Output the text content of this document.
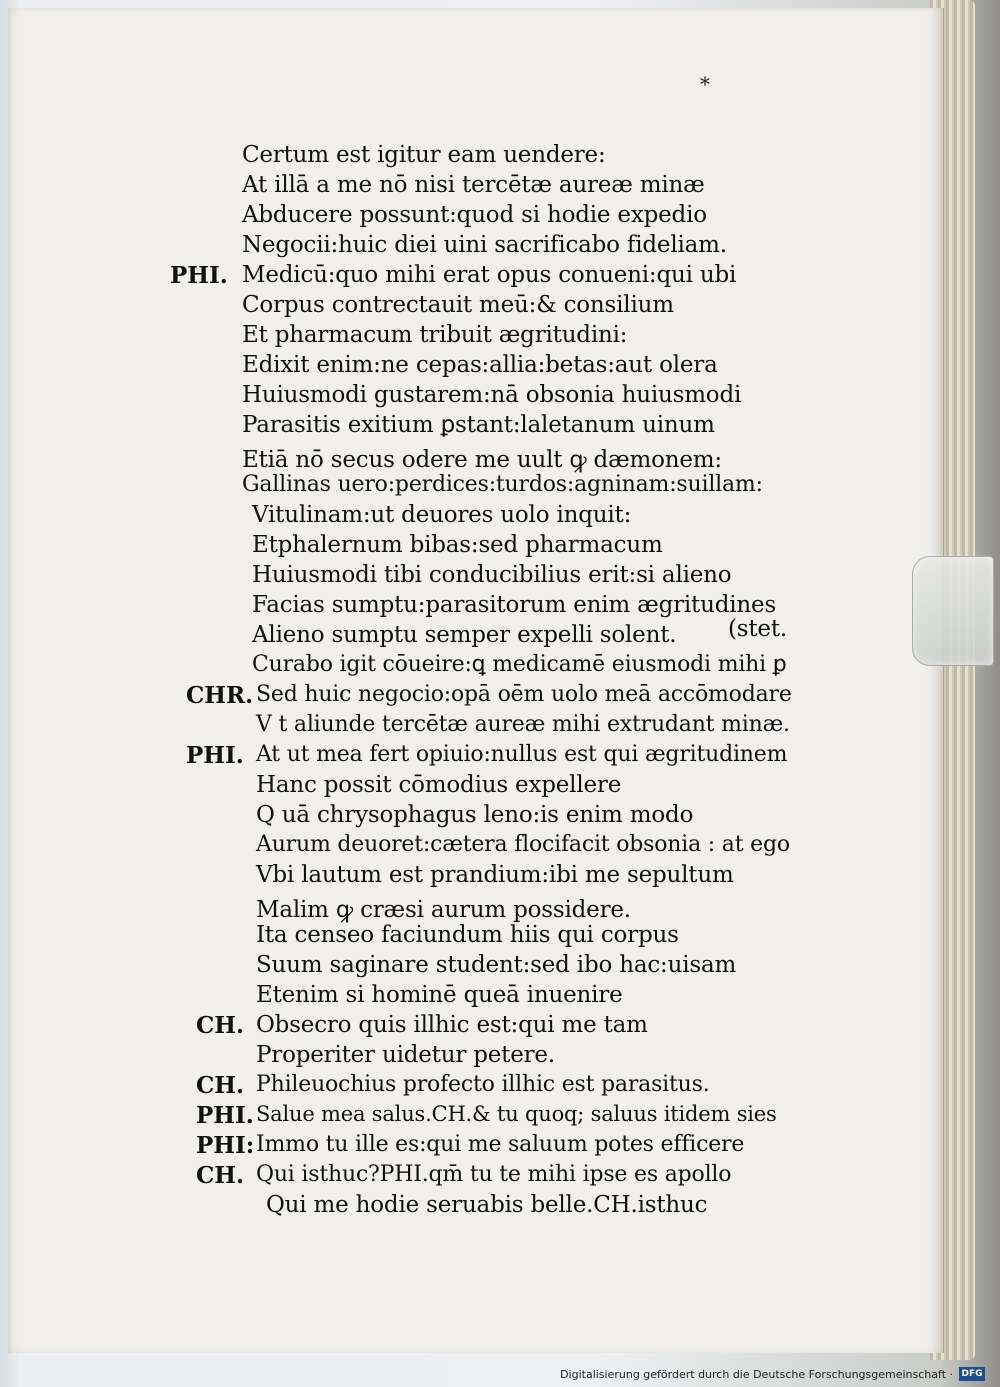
*
Certum est igitur eam uendere:
At illā a me nō nisi tercētæ aureæ minæ
Abducere possunt:quod si hodie expedio
Negocii:huic diei uini sacrificabo fideliam.
Medicū:quo mihi erat opus conueni:qui ubi
Corpus contrectauit meū:& consilium
Et pharmacum tribuit ægritudini:
Edixit enim:ne cepas:allia:betas:aut olera
Huiusmodi gustarem:nā obsonia huiusmodi
Parasitis exitium ꝑstant:laletanum uinum
Etiā nō secus odere me uult ꝙ dæmonem:
Gallinas uero:perdices:turdos:agninam:suillam:
Vitulinam:ut deuores uolo inquit:
Etphalernum bibas:sed pharmacum
Huiusmodi tibi conducibilius erit:si alieno
Facias sumptu:parasitorum enim ægritudines
Alieno sumptu semper expelli solent. (stet.
Curabo igit cōueire:ꝗ medicamē eiusmodi mihi ꝑ
Sed huic negocio:opā oēm uolo meā accōmodare
V t aliunde tercētæ aureæ mihi extrudant minæ.
At ut mea fert opiuio:nullus est qui ægritudinem
Hanc possit cōmodius expellere
Q uā chrysophagus leno:is enim modo
Aurum deuoret:cætera flocifacit obsonia : at ego
Vbi lautum est prandium:ibi me sepultum
Malim ꝙ cræsi aurum possidere.
Ita censeo faciundum hiis qui corpus
Suum saginare student:sed ibo hac:uisam
Etenim si hominē queā inuenire
Obsecro quis illhic est:qui me tam
Properiter uidetur petere.
Phileuochius profecto illhic est parasitus.
Salue mea salus.CH.& tu quoq; saluus itidem sies
Immo tu ille es:qui me saluum potes efficere
Qui isthuc?PHI.qm̄ tu te mihi ipse es apollo
Qui me hodie seruabis belle.CH.isthuc
PHI.
CHR.
PHI.
CH.
CH.
PHI.
PHI:
CH.
Digitalisierung gefördert durch die Deutsche Forschungsgemeinschaft · DFG
